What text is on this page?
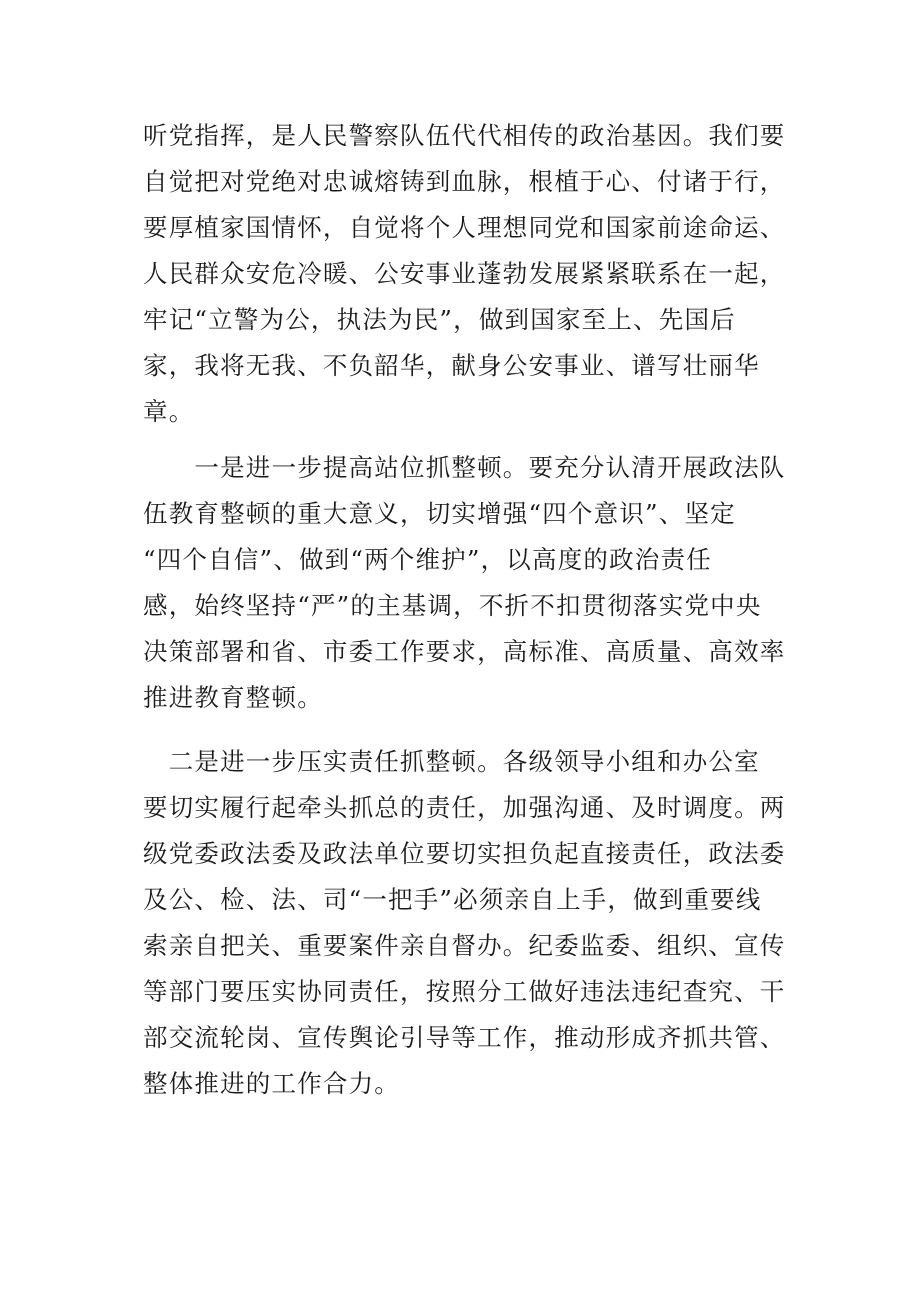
听党指挥，是人民警察队伍代代相传的政治基因。我们要
自觉把对党绝对忠诚熔铸到血脉，根植于心、付诸于行，
要厚植家国情怀，自觉将个人理想同党和国家前途命运、
人民群众安危冷暖、公安事业蓬勃发展紧紧联系在一起，
牢记“立警为公，执法为民”，做到国家至上、先国后
家，我将无我、不负韶华，献身公安事业、谱写壮丽华
章。
　　一是进一步提高站位抓整顿。要充分认清开展政法队
伍教育整顿的重大意义，切实增强“四个意识”、坚定
“四个自信”、做到“两个维护”，以高度的政治责任
感，始终坚持“严”的主基调，不折不扣贯彻落实党中央
决策部署和省、市委工作要求，高标准、高质量、高效率
推进教育整顿。
　二是进一步压实责任抓整顿。各级领导小组和办公室
要切实履行起牵头抓总的责任，加强沟通、及时调度。两
级党委政法委及政法单位要切实担负起直接责任，政法委
及公、检、法、司“一把手”必须亲自上手，做到重要线
索亲自把关、重要案件亲自督办。纪委监委、组织、宣传
等部门要压实协同责任，按照分工做好违法违纪查究、干
部交流轮岗、宣传舆论引导等工作，推动形成齐抓共管、
整体推进的工作合力。
